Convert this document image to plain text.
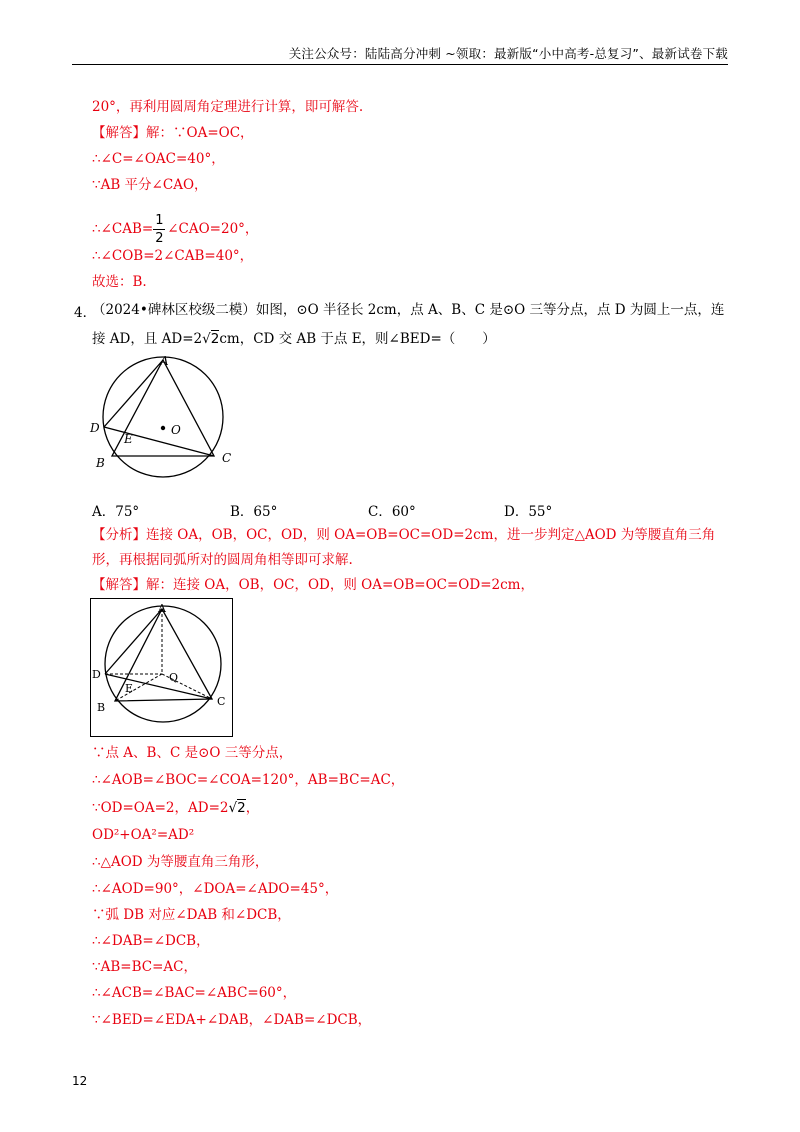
关注公众号：陆陆高分冲刺 ~领取：最新版“小中高考-总复习”、最新试卷下载
20°，再利用圆周角定理进行计算，即可解答.
【解答】解：∵OA=OC，
∴∠C=∠OAC=40°，
∵AB 平分∠CAO，
∴∠CAB=
$\frac{1}{2}$
∠CAO=20°，
∴∠COB=2∠CAB=40°，
故选：B.
4．
（2024•碑林区校级二模）如图，⊙O 半径长 2cm，点 A、B、C 是⊙O 三等分点，点 D 为圆上一点，连
接 AD，且 AD=2√2cm，CD 交 AB 于点 E，则∠BED=（　　）
A
D
E
O
B	C
A．75°	B．65°	C．60°	D．55°
【分析】连接 OA，OB，OC，OD，则 OA=OB=OC=OD=2cm，进一步判定△AOD 为等腰直角三角
形，再根据同弧所对的圆周角相等即可求解.
【解答】解：连接 OA，OB，OC，OD，则 OA=OB=OC=OD=2cm，
A
D
E
Q
B	C
∵点 A、B、C 是⊙O 三等分点，
∴∠AOB=∠BOC=∠COA=120°，AB=BC=AC，
∵OD=OA=2，AD=2√2，
OD²+OA²=AD²
∴△AOD 为等腰直角三角形，
∴∠AOD=90°，∠DOA=∠ADO=45°，
∵弧 DB 对应∠DAB 和∠DCB，
∴∠DAB=∠DCB，
∵AB=BC=AC，
∴∠ACB=∠BAC=∠ABC=60°，
∵∠BED=∠EDA+∠DAB，∠DAB=∠DCB，
12
